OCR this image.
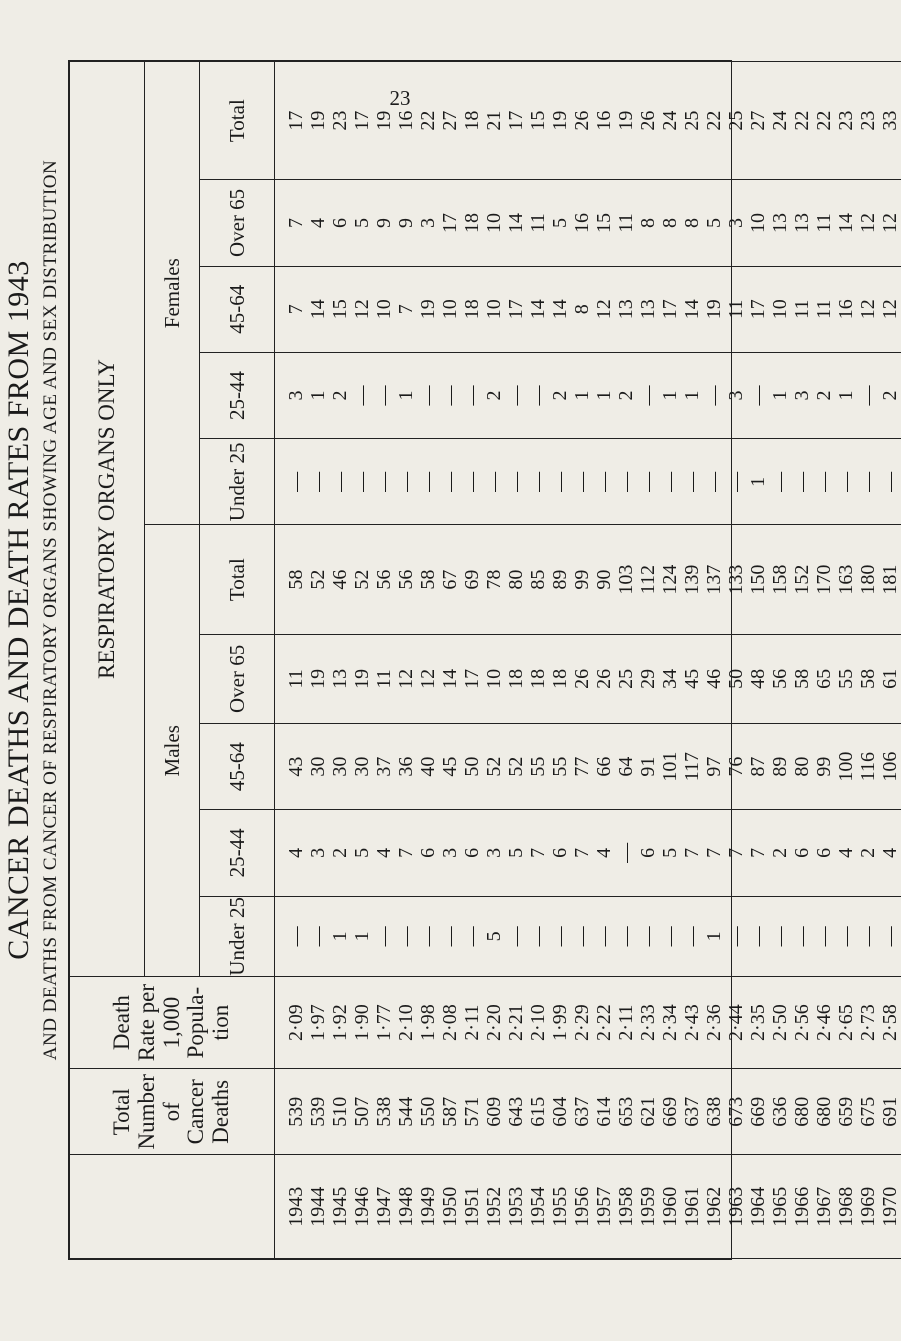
23
CANCER DEATHS AND DEATH RATES FROM 1943 AND DEATHS FROM CANCER OF RESPIRATORY ORGANS SHOWING AGE AND SEX DISTRIBUTION
	Total Number of Cancer Deaths	Death Rate per 1,000 Popula- tion	RESPIRATORY ORGANS ONLY									
			Males					Females				
			Under 25	25-44	45-64	Over 65	Total	Under 25	25-44	45-64	Over 65	Total
1943	539	2·09	—	4	43	11	58	—	3	7	7	17
1944	539	1·97	—	3	30	19	52	—	1	14	4	19
1945	510	1·92	1	2	30	13	46	—	2	15	6	23
1946	507	1·90	1	5	30	19	52	—	—	12	5	17
1947	538	1·77	—	4	37	11	56	—	—	10	9	19
1948	544	2·10	—	7	36	12	56	—	1	7	9	16
1949	550	1·98	—	6	40	12	58	—	—	19	3	22
1950	587	2·08	—	3	45	14	67	—	—	10	17	27
1951	571	2·11	—	6	50	17	69	—	—	18	18	18
1952	609	2·20	5	3	52	10	78	—	2	10	10	21
1953	643	2·21	—	5	52	18	80	—	—	17	14	17
1954	615	2·10	—	7	55	18	85	—	—	14	11	15
1955	604	1·99	—	6	55	18	89	—	2	14	5	19
1956	637	2·29	—	7	77	26	99	—	1	8	16	26
1957	614	2·22	—	4	66	26	90	—	1	12	15	16
1958	653	2·11	—	—	64	25	103	—	2	13	11	19
1959	621	2·33	—	6	91	29	112	—	—	13	8	26
1960	669	2·34	—	5	101	34	124	—	1	17	8	24
1961	637	2·43	—	7	117	45	139	—	1	14	8	25
1962	638	2·36	1	7	97	46	137	—	—	19	5	22
1963	673	2·44	—	7	76	50	133	—	3	11	3	25
1964	669	2·35	—	7	87	48	150	1	—	17	10	27
1965	636	2·50	—	2	89	56	158	—	1	10	13	24
1966	680	2·56	—	6	80	58	152	—	3	11	13	22
1967	680	2·46	—	6	99	65	170	—	2	11	11	22
1968	659	2·65	—	4	100	55	163	—	1	16	14	23
1969	675	2·73	—	2	116	58	180	—	—	12	12	23
1970	691	2·58	—	4	106	61	181	—	2	12	12	33
